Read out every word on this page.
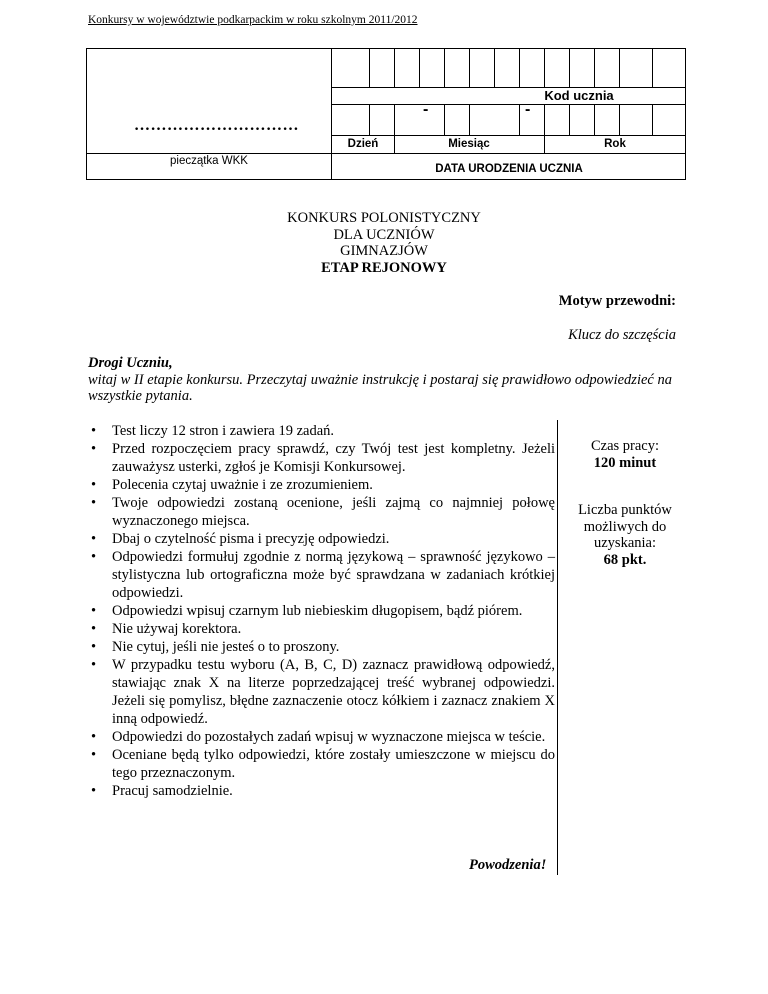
Konkursy w województwie podkarpackim w roku szkolnym 2011/2012
…………………………
pieczątka WKK
Kod ucznia
-	-
Dzień	Miesiąc	Rok
DATA URODZENIA UCZNIA
KONKURS POLONISTYCZNY
DLA UCZNIÓW
GIMNAZJÓW
ETAP REJONOWY
Motyw przewodni:
Klucz do szczęścia
Drogi Uczniu,
witaj w II etapie konkursu. Przeczytaj uważnie instrukcję i postaraj się prawidłowo odpowiedzieć na wszystkie pytania.
• Test liczy 12 stron i zawiera 19 zadań.
• Przed rozpoczęciem pracy sprawdź, czy Twój test jest kompletny. Jeżeli zauważysz usterki, zgłoś je Komisji Konkursowej.
• Polecenia czytaj uważnie i ze zrozumieniem.
• Twoje odpowiedzi zostaną ocenione, jeśli zajmą co najmniej połowę wyznaczonego miejsca.
• Dbaj o czytelność pisma i precyzję odpowiedzi.
• Odpowiedzi formułuj zgodnie z normą językową – sprawność językowo – stylistyczna lub ortograficzna może być sprawdzana w zadaniach krótkiej odpowiedzi.
• Odpowiedzi wpisuj czarnym lub niebieskim długopisem, bądź piórem.
• Nie używaj korektora.
• Nie cytuj, jeśli nie jesteś o to proszony.
• W przypadku testu wyboru (A, B, C, D) zaznacz prawidłową odpowiedź, stawiając znak X na literze poprzedzającej treść wybranej odpowiedzi. Jeżeli się pomylisz, błędne zaznaczenie otocz kółkiem i zaznacz znakiem X inną odpowiedź.
• Odpowiedzi do pozostałych zadań wpisuj w wyznaczone miejsca w teście.
• Oceniane będą tylko odpowiedzi, które zostały umieszczone w miejscu do tego przeznaczonym.
• Pracuj samodzielnie.
Czas pracy:
120 minut
Liczba punktów możliwych do uzyskania:
68 pkt.
Powodzenia!
